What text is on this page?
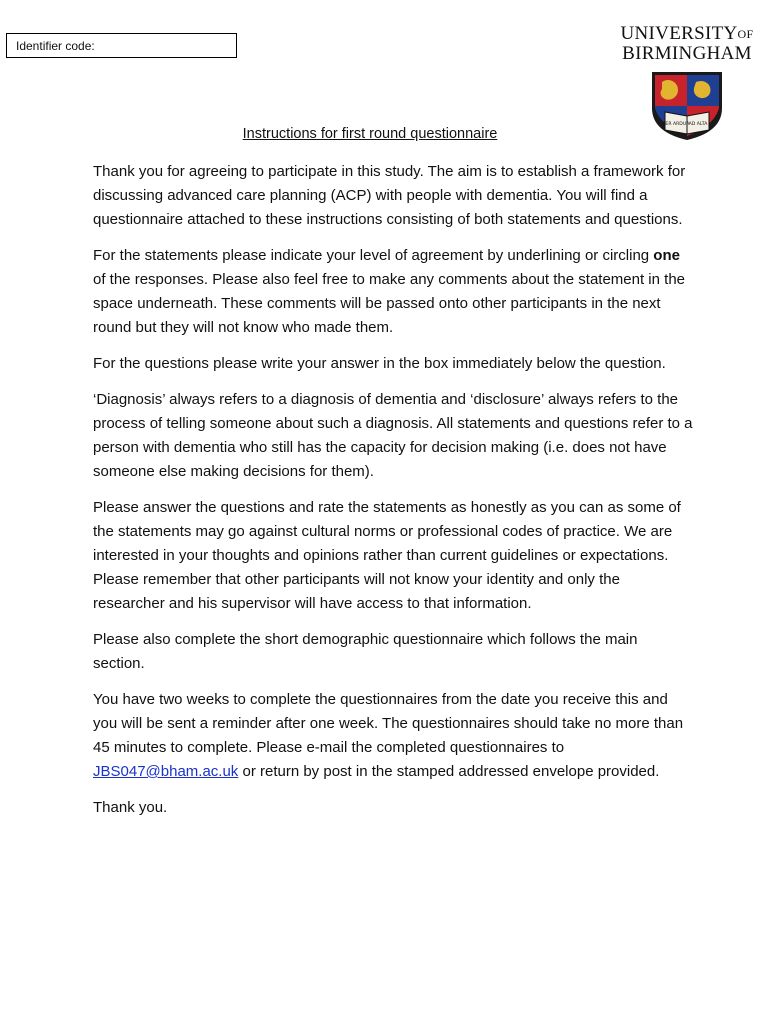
Identifier code:
$UNIVERSITY^{OF}$
BIRMINGHAM
PER ARDUA AD ALTA
Instructions for first round questionnaire

Thank you for agreeing to participate in this study. The aim is to establish a framework for discussing advanced care planning (ACP) with people with dementia. You will find a questionnaire attached to these instructions consisting of both statements and questions.

For the statements please indicate your level of agreement by underlining or circling one of the responses. Please also feel free to make any comments about the statement in the space underneath. These comments will be passed onto other participants in the next round but they will not know who made them.

For the questions please write your answer in the box immediately below the question.

‘Diagnosis’ always refers to a diagnosis of dementia and ‘disclosure’ always refers to the process of telling someone about such a diagnosis. All statements and questions refer to a person with dementia who still has the capacity for decision making (i.e. does not have someone else making decisions for them).

Please answer the questions and rate the statements as honestly as you can as some of the statements may go against cultural norms or professional codes of practice. We are interested in your thoughts and opinions rather than current guidelines or expectations. Please remember that other participants will not know your identity and only the researcher and his supervisor will have access to that information.

Please also complete the short demographic questionnaire which follows the main section.

You have two weeks to complete the questionnaires from the date you receive this and you will be sent a reminder after one week. The questionnaires should take no more than 45 minutes to complete. Please e-mail the completed questionnaires to JBS047@bham.ac.uk or return by post in the stamped addressed envelope provided.

Thank you.
